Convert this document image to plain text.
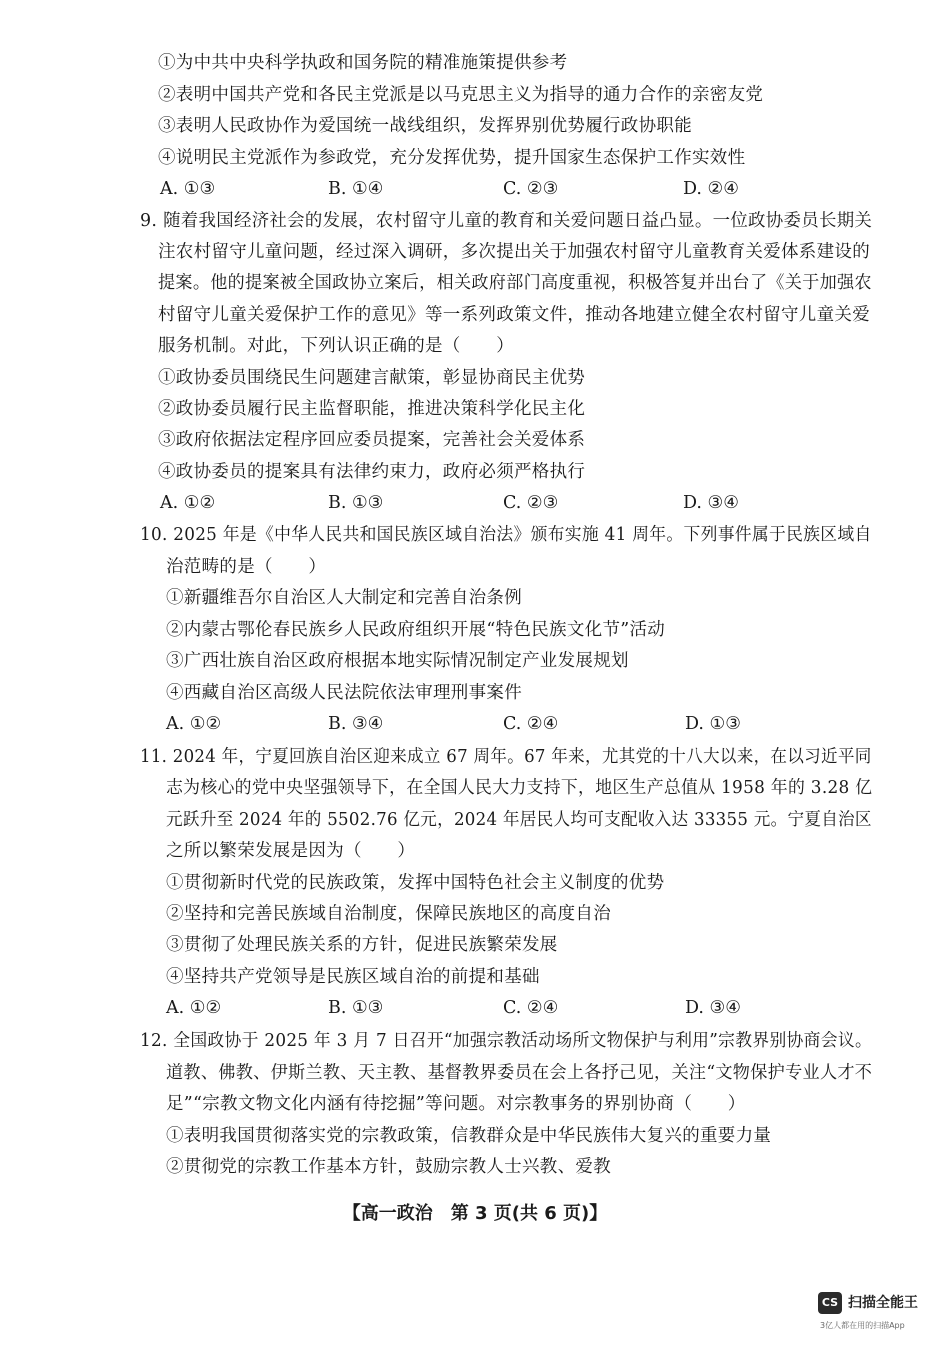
①为中共中央科学执政和国务院的精准施策提供参考
②表明中国共产党和各民主党派是以马克思主义为指导的通力合作的亲密友党
③表明人民政协作为爱国统一战线组织，发挥界别优势履行政协职能
④说明民主党派作为参政党，充分发挥优势，提升国家生态保护工作实效性
A. ①③	B. ①④	C. ②③	D. ②④
9. 随着我国经济社会的发展，农村留守儿童的教育和关爱问题日益凸显。一位政协委员长期关
注农村留守儿童问题，经过深入调研，多次提出关于加强农村留守儿童教育关爱体系建设的
提案。他的提案被全国政协立案后，相关政府部门高度重视，积极答复并出台了《关于加强农
村留守儿童关爱保护工作的意见》等一系列政策文件，推动各地建立健全农村留守儿童关爱
服务机制。对此，下列认识正确的是（　　）
①政协委员围绕民生问题建言献策，彰显协商民主优势
②政协委员履行民主监督职能，推进决策科学化民主化
③政府依据法定程序回应委员提案，完善社会关爱体系
④政协委员的提案具有法律约束力，政府必须严格执行
A. ①②	B. ①③	C. ②③	D. ③④
10. 2025 年是《中华人民共和国民族区域自治法》颁布实施 41 周年。下列事件属于民族区域自
治范畴的是（　　）
①新疆维吾尔自治区人大制定和完善自治条例
②内蒙古鄂伦春民族乡人民政府组织开展“特色民族文化节”活动
③广西壮族自治区政府根据本地实际情况制定产业发展规划
④西藏自治区高级人民法院依法审理刑事案件
A. ①②	B. ③④	C. ②④	D. ①③
11. 2024 年，宁夏回族自治区迎来成立 67 周年。67 年来，尤其党的十八大以来，在以习近平同
志为核心的党中央坚强领导下，在全国人民大力支持下，地区生产总值从 1958 年的 3.28 亿
元跃升至 2024 年的 5502.76 亿元，2024 年居民人均可支配收入达 33355 元。宁夏自治区
之所以繁荣发展是因为（　　）
①贯彻新时代党的民族政策，发挥中国特色社会主义制度的优势
②坚持和完善民族域自治制度，保障民族地区的高度自治
③贯彻了处理民族关系的方针，促进民族繁荣发展
④坚持共产党领导是民族区域自治的前提和基础
A. ①②	B. ①③	C. ②④	D. ③④
12. 全国政协于 2025 年 3 月 7 日召开“加强宗教活动场所文物保护与利用”宗教界别协商会议。
道教、佛教、伊斯兰教、天主教、基督教界委员在会上各抒己见，关注“文物保护专业人才不
足”“宗教文物文化内涵有待挖掘”等问题。对宗教事务的界别协商（　　）
①表明我国贯彻落实党的宗教政策，信教群众是中华民族伟大复兴的重要力量
②贯彻党的宗教工作基本方针，鼓励宗教人士兴教、爱教
【高一政治　第 3 页(共 6 页)】
CS 扫描全能王
3亿人都在用的扫描App
